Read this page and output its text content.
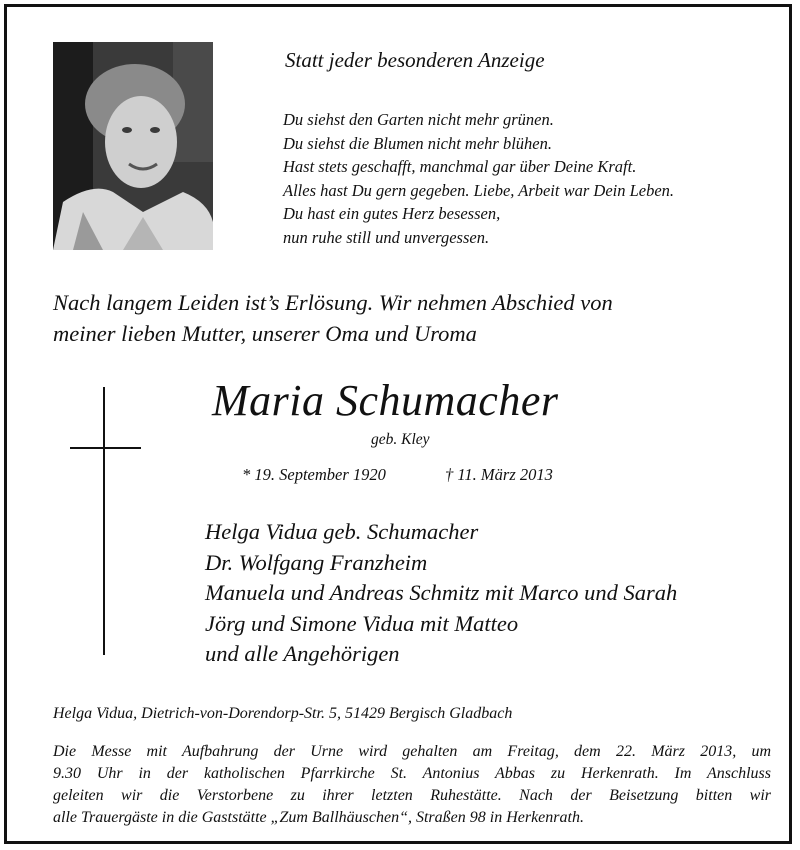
Statt jeder besonderen Anzeige
Du siehst den Garten nicht mehr grünen.
Du siehst die Blumen nicht mehr blühen.
Hast stets geschafft, manchmal gar über Deine Kraft.
Alles hast Du gern gegeben. Liebe, Arbeit war Dein Leben.
Du hast ein gutes Herz besessen,
nun ruhe still und unvergessen.
Nach langem Leiden ist’s Erlösung. Wir nehmen Abschied von
meiner lieben Mutter, unserer Oma und Uroma
Maria Schumacher
geb. Kley
* 19. September 1920	† 11. März 2013
Helga Vidua geb. Schumacher
Dr. Wolfgang Franzheim
Manuela und Andreas Schmitz mit Marco und Sarah
Jörg und Simone Vidua mit Matteo
und alle Angehörigen
Helga Vidua, Dietrich-von-Dorendorp-Str. 5, 51429 Bergisch Gladbach
Die Messe mit Aufbahrung der Urne wird gehalten am Freitag, dem 22. März 2013, um
9.30 Uhr in der katholischen Pfarrkirche St. Antonius Abbas zu Herkenrath. Im Anschluss
geleiten wir die Verstorbene zu ihrer letzten Ruhestätte. Nach der Beisetzung bitten wir
alle Trauergäste in die Gaststätte „Zum Ballhäuschen“, Straßen 98 in Herkenrath.
